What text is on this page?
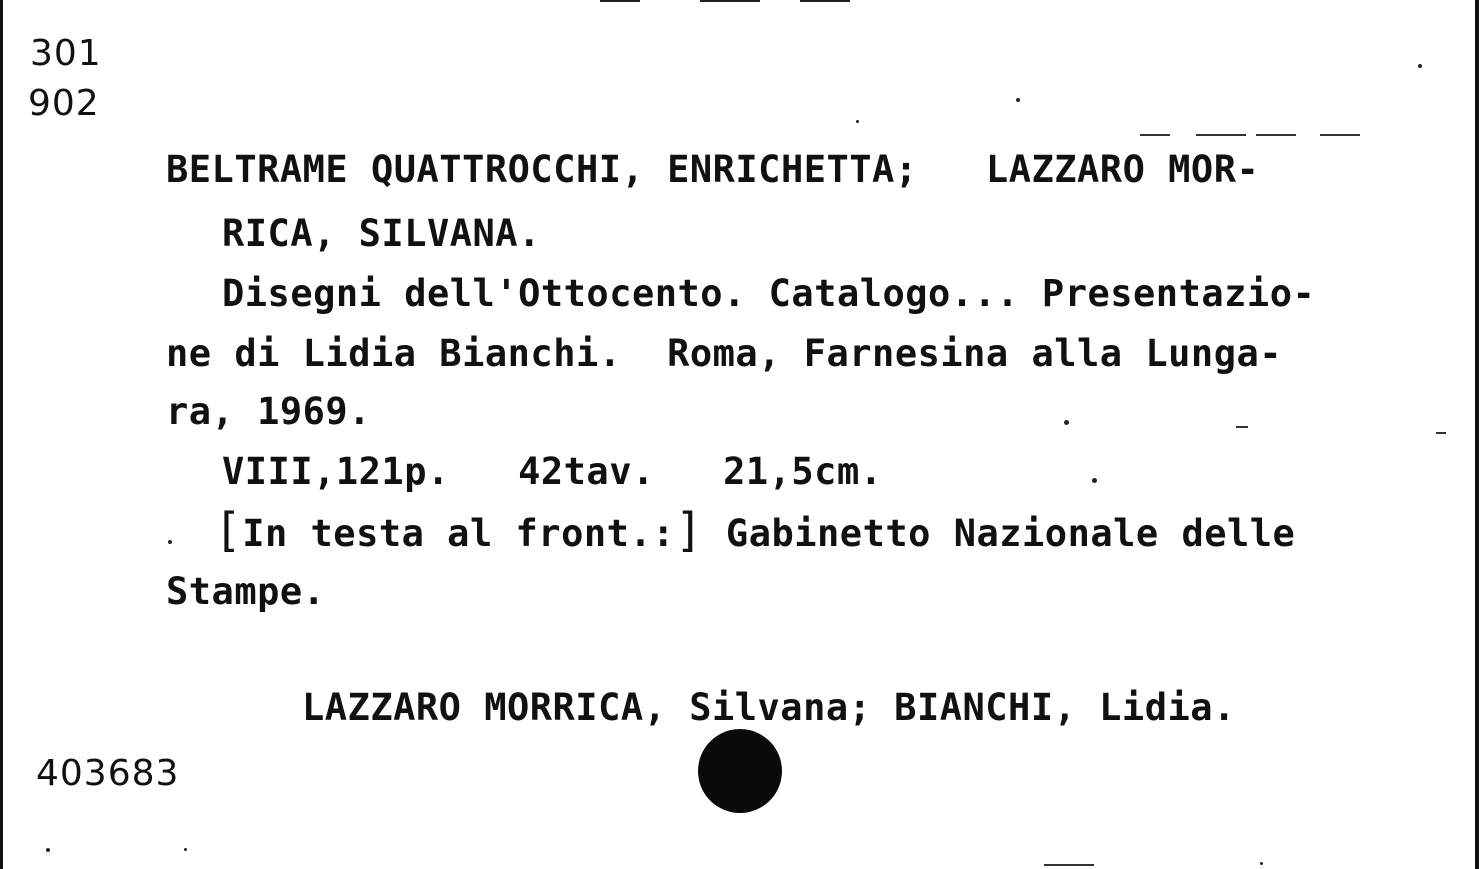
301
902
BELTRAME QUATTROCCHI, ENRICHETTA;   LAZZARO MOR-
RICA, SILVANA.
Disegni dell'Ottocento. Catalogo... Presentazio-
ne di Lidia Bianchi.  Roma, Farnesina alla Lunga-
ra, 1969.
VIII,121p.   42tav.   21,5cm.
[In testa al front.:] Gabinetto Nazionale delle
Stampe.
LAZZARO MORRICA, Silvana; BIANCHI, Lidia.
403683
